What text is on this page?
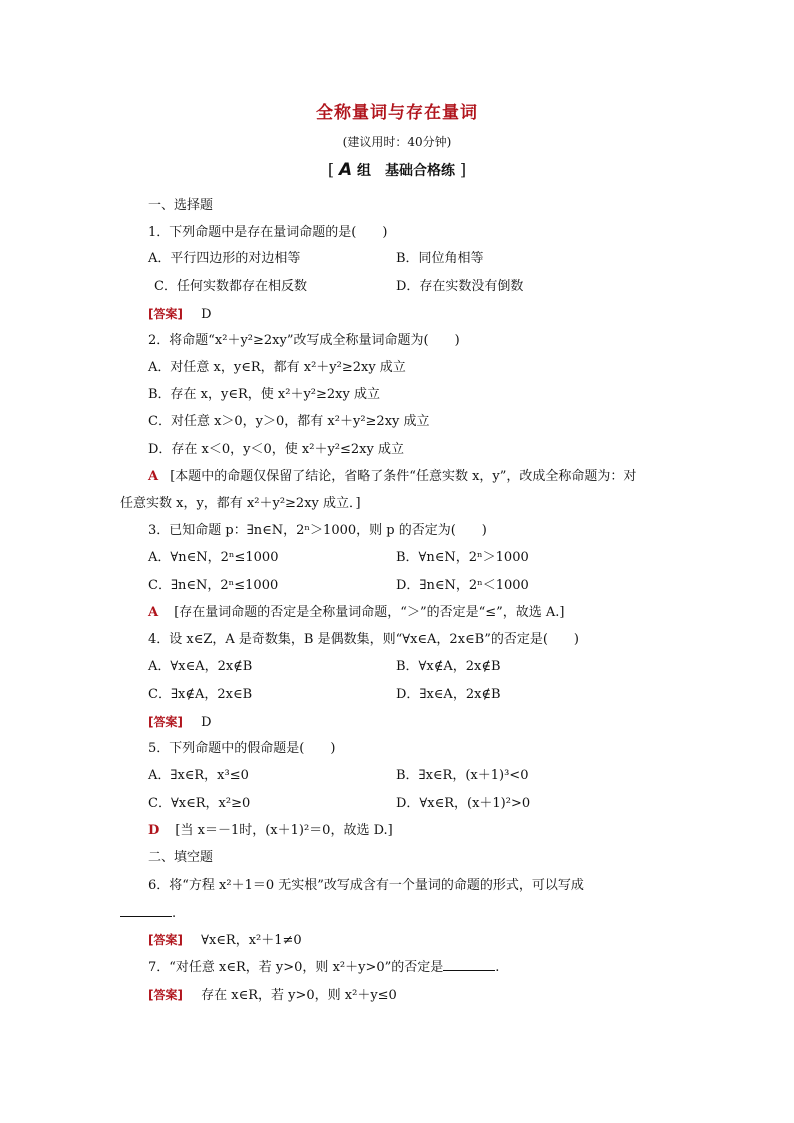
全称量词与存在量词
(建议用时：40分钟)
[ A 组　基础合格练 ]
一、选择题
1．下列命题中是存在量词命题的是(　　)
A．平行四边形的对边相等	B．同位角相等
C．任何实数都存在相反数	D．存在实数没有倒数
[答案] D
2．将命题“x²＋y²≥2xy”改写成全称量词命题为(　　)
A．对任意 x，y∈R，都有 x²＋y²≥2xy 成立
B．存在 x，y∈R，使 x²＋y²≥2xy 成立
C．对任意 x＞0，y＞0，都有 x²＋y²≥2xy 成立
D．存在 x＜0，y＜0，使 x²＋y²≤2xy 成立
A [本题中的命题仅保留了结论，省略了条件“任意实数 x，y”，改成全称命题为：对
任意实数 x，y，都有 x²＋y²≥2xy 成立．]
3．已知命题 p：∃n∈N，2ⁿ＞1000，则 p 的否定为(　　)
A．∀n∈N，2ⁿ≤1000	B．∀n∈N，2ⁿ＞1000
C．∃n∈N，2ⁿ≤1000	D．∃n∈N，2ⁿ＜1000
A [存在量词命题的否定是全称量词命题，“＞”的否定是“≤”，故选 A.]
4．设 x∈Z，A 是奇数集，B 是偶数集，则“∀x∈A，2x∈B”的否定是(　　)
A．∀x∈A，2x∉B	B．∀x∉A，2x∉B
C．∃x∉A，2x∈B	D．∃x∈A，2x∉B
[答案] D
5．下列命题中的假命题是(　　)
A．∃x∈R，x³≤0	B．∃x∈R，(x＋1)³<0
C．∀x∈R，x²≥0	D．∀x∈R，(x＋1)²>0
D [当 x＝－1时，(x＋1)²＝0，故选 D.]
二、填空题
6．将“方程 x²＋1＝0 无实根”改写成含有一个量词的命题的形式，可以写成
.
[答案] ∀x∈R，x²＋1≠0
7．“对任意 x∈R，若 y>0，则 x²＋y>0”的否定是	.
[答案] 存在 x∈R，若 y>0，则 x²＋y≤0
